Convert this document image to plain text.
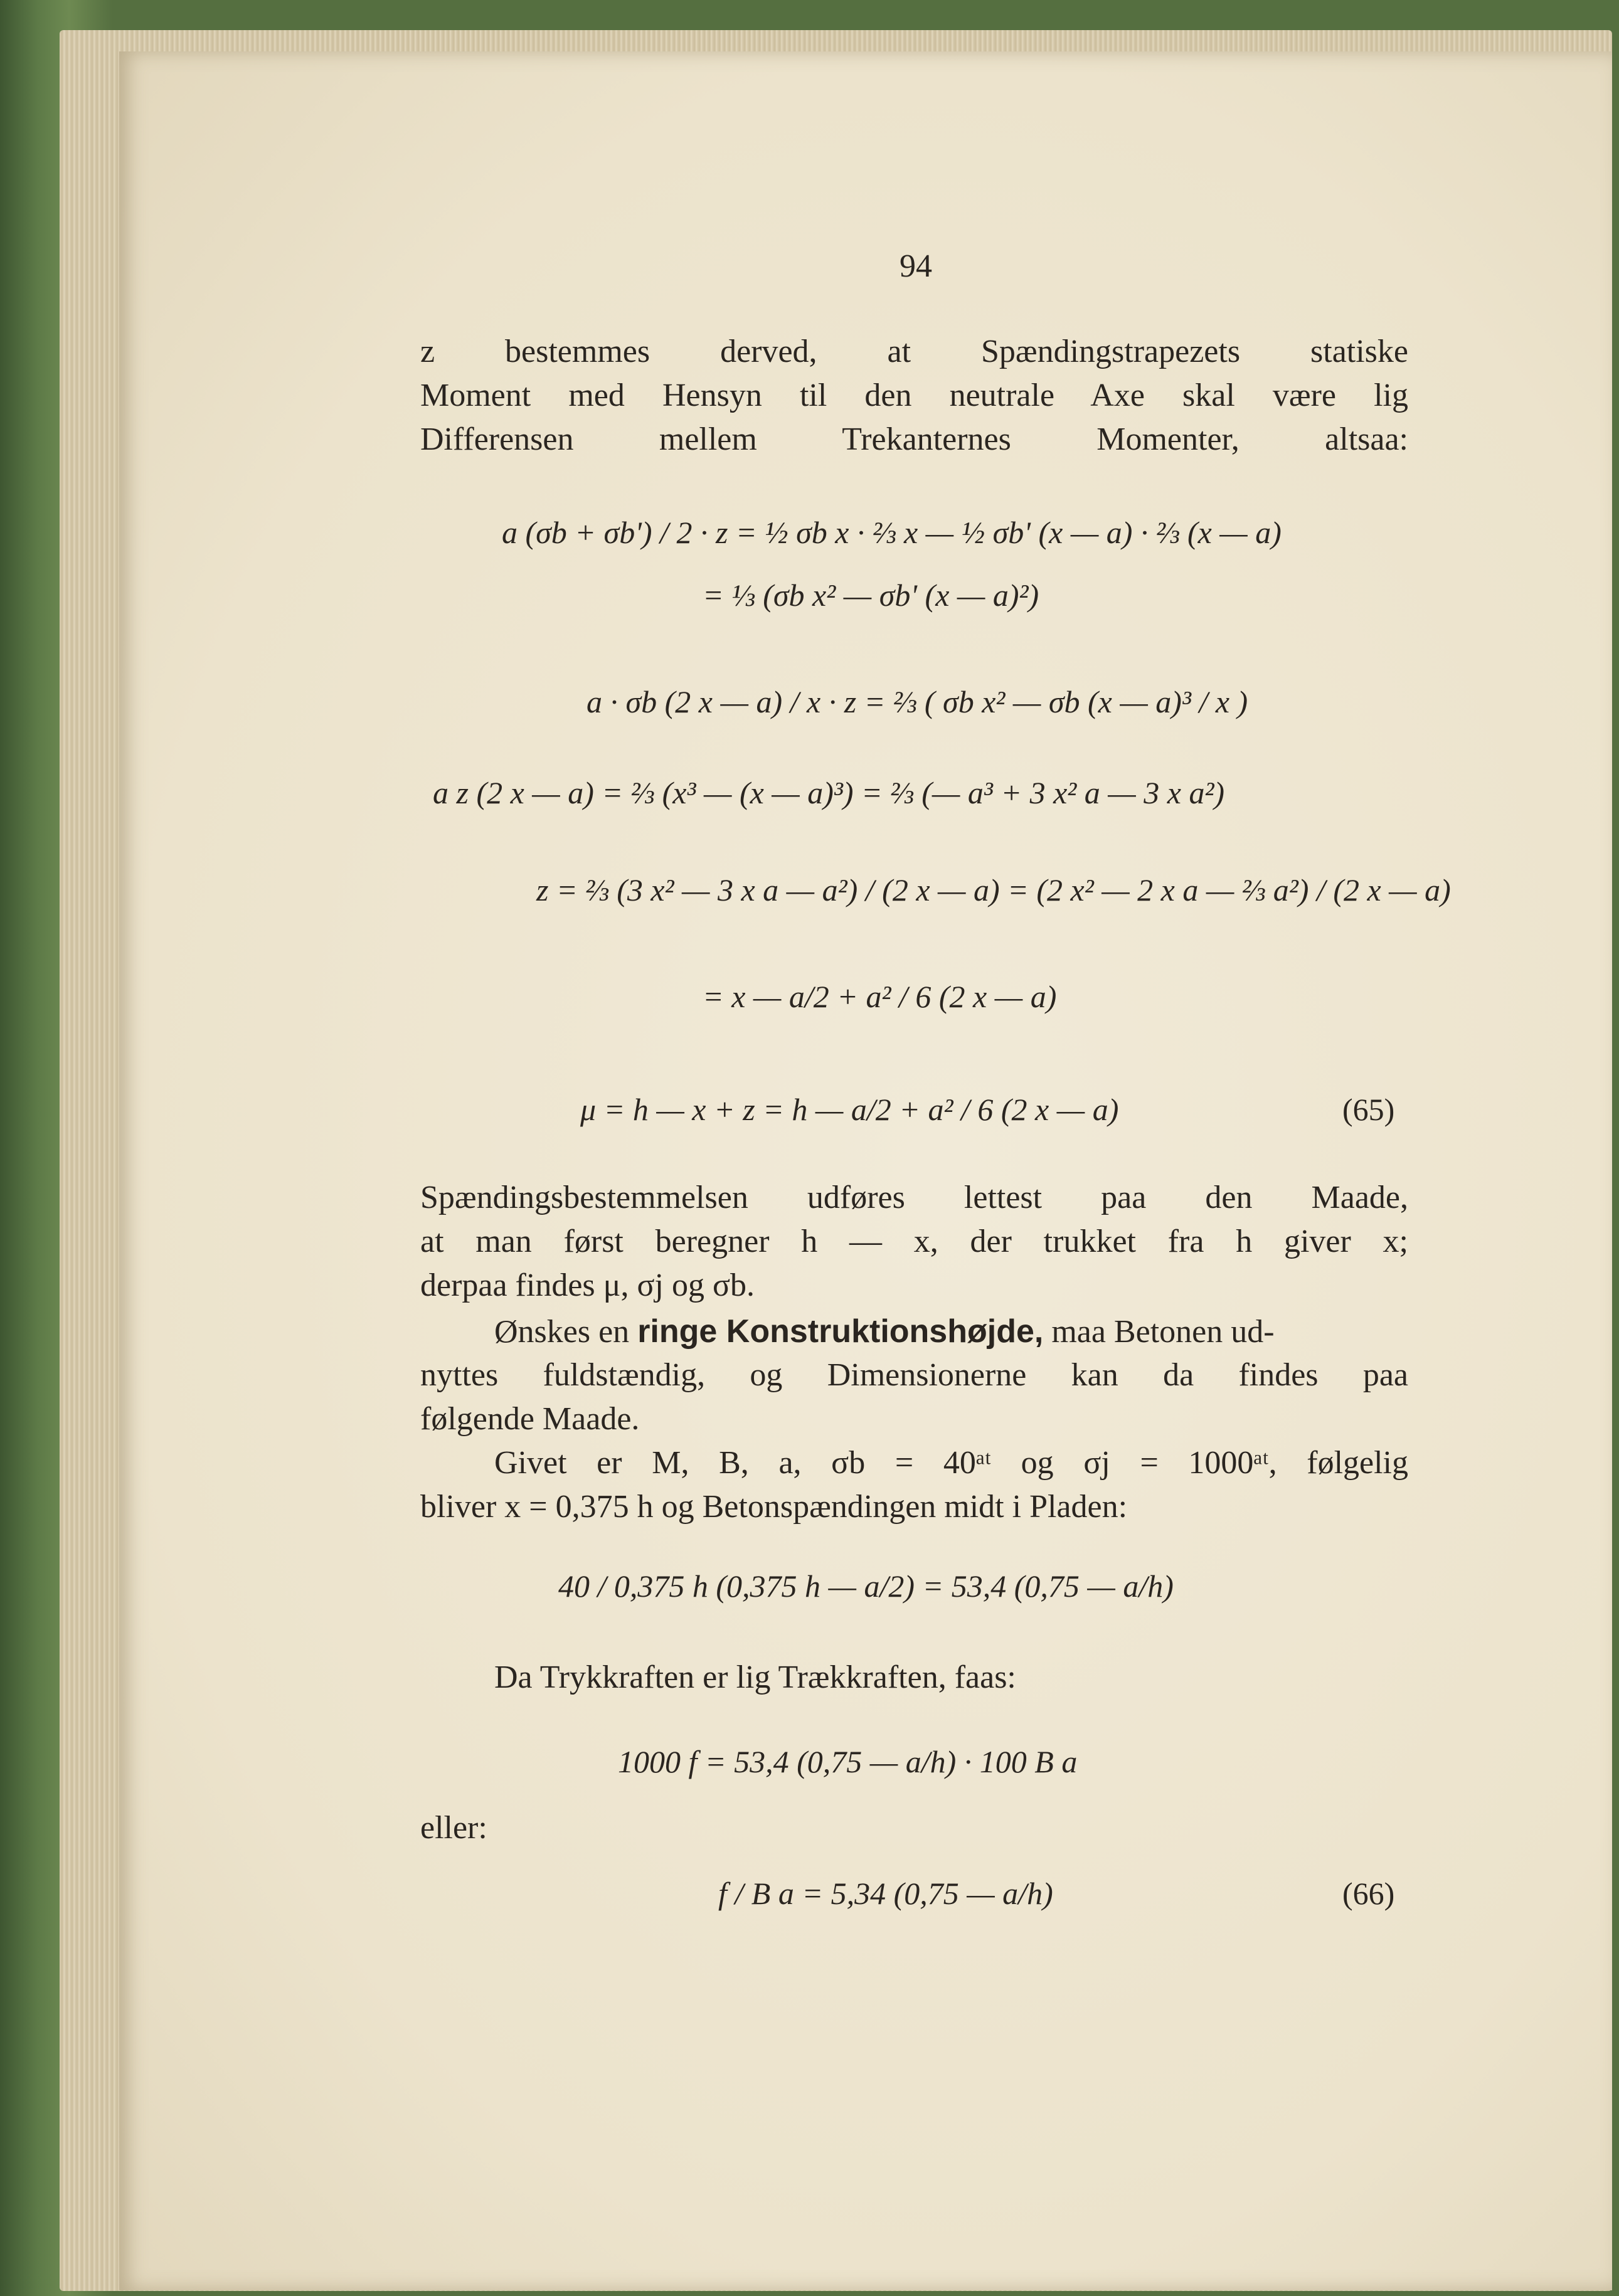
94
z bestemmes derved, at Spændingstrapezets statiske
Moment med Hensyn til den neutrale Axe skal være lig
Differensen mellem Trekanternes Momenter, altsaa:
a (σb + σb') / 2 · z = ½ σb x · ⅔ x — ½ σb' (x — a) · ⅔ (x — a)
= ⅓ (σb x² — σb' (x — a)²)
a · σb (2 x — a) / x · z = ⅔ ( σb x² — σb (x — a)³ / x )
a z (2 x — a) = ⅔ (x³ — (x — a)³) = ⅔ (— a³ + 3 x² a — 3 x a²)
z = ⅔ (3 x² — 3 x a — a²) / (2 x — a) = (2 x² — 2 x a — ⅔ a²) / (2 x — a)
= x — a/2 + a² / 6 (2 x — a)
μ = h — x + z = h — a/2 + a² / 6 (2 x — a)	(65)
Spændingsbestemmelsen udføres lettest paa den Maade,
at man først beregner h — x, der trukket fra h giver x;
derpaa findes μ, σj og σb.
Ønskes en ringe Konstruktionshøjde, maa Betonen ud-
nyttes fuldstændig, og Dimensionerne kan da findes paa
følgende Maade.
Givet er M, B, a, σb = 40ᵃᵗ og σj = 1000ᵃᵗ, følgelig
bliver x = 0,375 h og Betonspændingen midt i Pladen:
40 / 0,375 h (0,375 h — a/2) = 53,4 (0,75 — a/h)
Da Trykkraften er lig Trækkraften, faas:
1000 f = 53,4 (0,75 — a/h) · 100 B a
eller:
f / B a = 5,34 (0,75 — a/h)	(66)
